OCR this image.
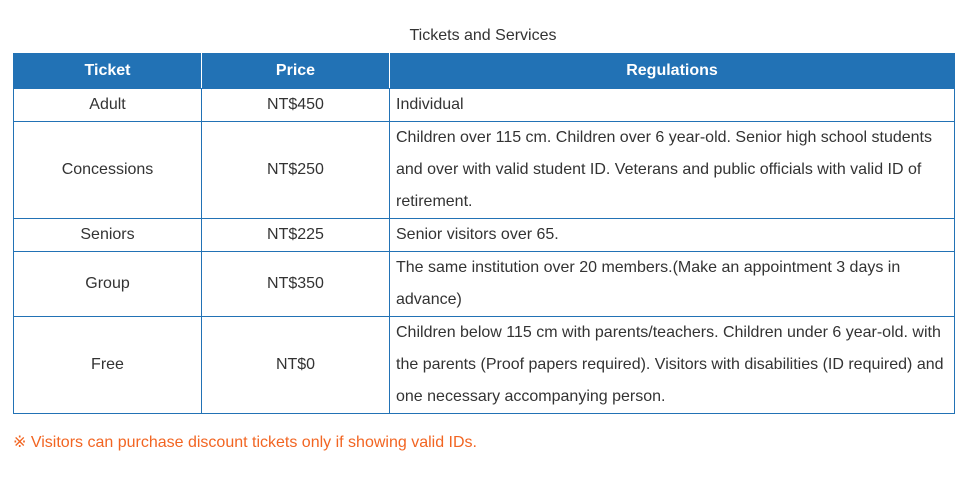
Tickets and Services
Ticket	Price	Regulations
Adult	NT$450	Individual
Concessions	NT$250	Children over 115 cm. Children over 6 year-old. Senior high school students and over with valid student ID. Veterans and public officials with valid ID of retirement.
Seniors	NT$225	Senior visitors over 65.
Group	NT$350	The same institution over 20 members.(Make an appointment 3 days in advance)
Free	NT$0	Children below 115 cm with parents/teachers. Children under 6 year-old. with the parents (Proof papers required). Visitors with disabilities (ID required) and one necessary accompanying person.
※ Visitors can purchase discount tickets only if showing valid IDs.
